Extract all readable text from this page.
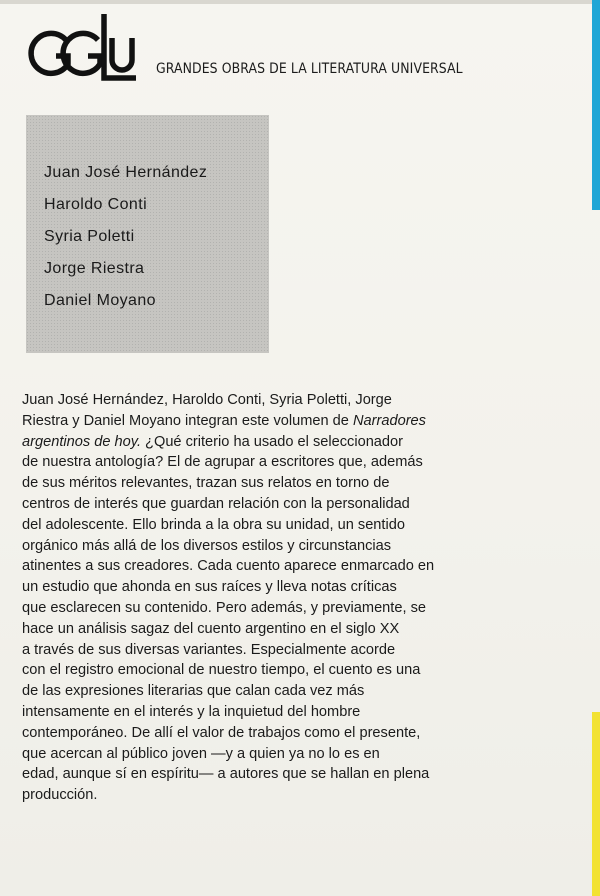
GRANDES OBRAS DE LA LITERATURA UNIVERSAL
Juan José Hernández
Haroldo Conti
Syria Poletti
Jorge Riestra
Daniel Moyano
Juan José Hernández, Haroldo Conti, Syria Poletti, Jorge
Riestra y Daniel Moyano integran este volumen de Narradores
argentinos de hoy. ¿Qué criterio ha usado el seleccionador
de nuestra antología? El de agrupar a escritores que, además
de sus méritos relevantes, trazan sus relatos en torno de
centros de interés que guardan relación con la personalidad
del adolescente. Ello brinda a la obra su unidad, un sentido
orgánico más allá de los diversos estilos y circunstancias
atinentes a sus creadores. Cada cuento aparece enmarcado en
un estudio que ahonda en sus raíces y lleva notas críticas
que esclarecen su contenido. Pero además, y previamente, se
hace un análisis sagaz del cuento argentino en el siglo XX
a través de sus diversas variantes. Especialmente acorde
con el registro emocional de nuestro tiempo, el cuento es una
de las expresiones literarias que calan cada vez más
intensamente en el interés y la inquietud del hombre
contemporáneo. De allí el valor de trabajos como el presente,
que acercan al público joven —y a quien ya no lo es en
edad, aunque sí en espíritu— a autores que se hallan en plena
producción.
